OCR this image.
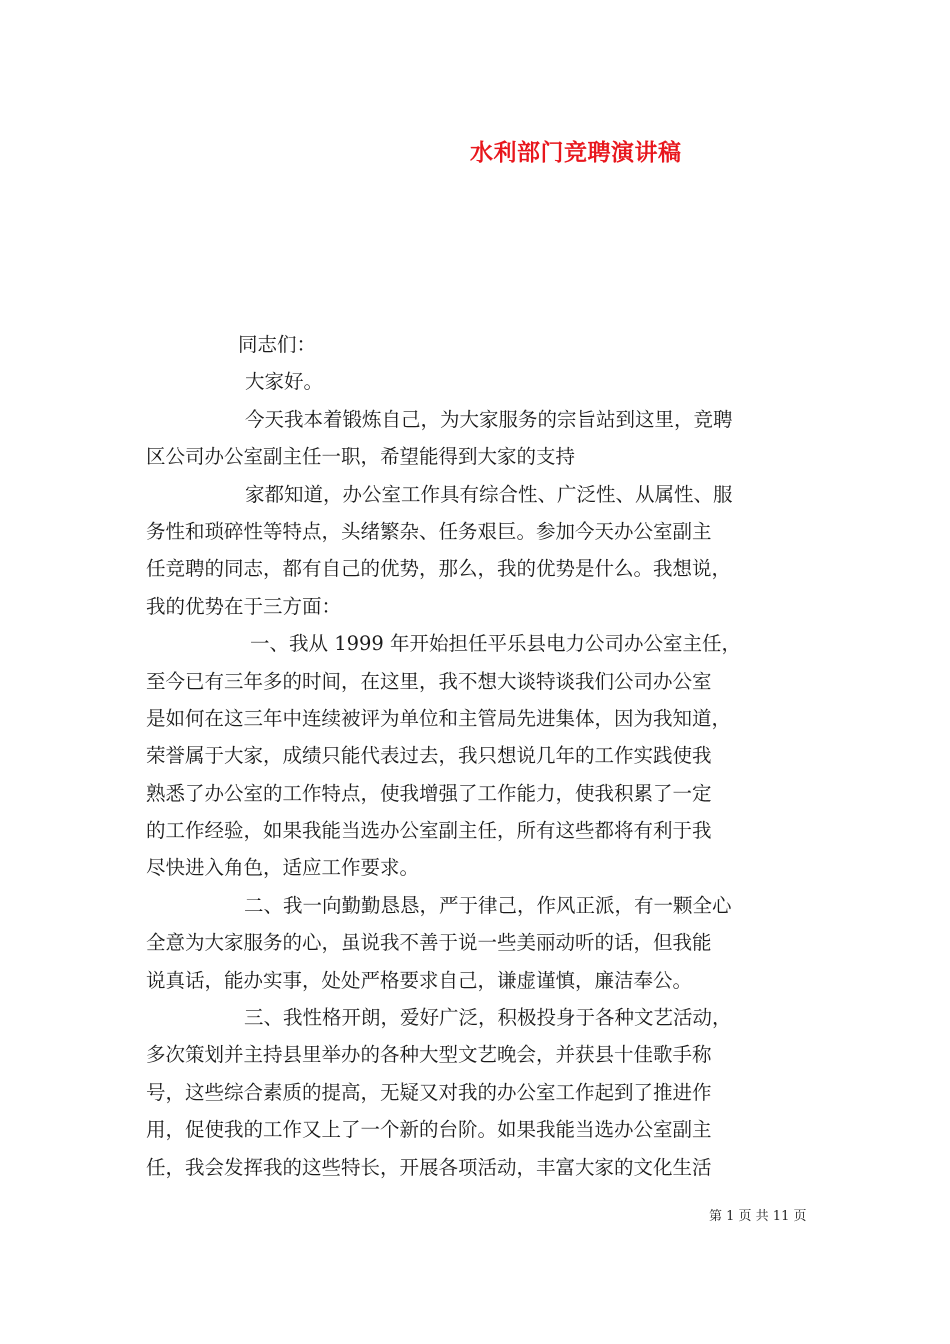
水利部门竞聘演讲稿
同志们：
大家好。
今天我本着锻炼自己，为大家服务的宗旨站到这里，竞聘
区公司办公室副主任一职，希望能得到大家的支持
家都知道，办公室工作具有综合性、广泛性、从属性、服
务性和琐碎性等特点，头绪繁杂、任务艰巨。参加今天办公室副主
任竞聘的同志，都有自己的优势，那么，我的优势是什么。我想说，
我的优势在于三方面：
一、我从 1999 年开始担任平乐县电力公司办公室主任，
至今已有三年多的时间，在这里，我不想大谈特谈我们公司办公室
是如何在这三年中连续被评为单位和主管局先进集体，因为我知道，
荣誉属于大家，成绩只能代表过去，我只想说几年的工作实践使我
熟悉了办公室的工作特点，使我增强了工作能力，使我积累了一定
的工作经验，如果我能当选办公室副主任，所有这些都将有利于我
尽快进入角色，适应工作要求。
二、我一向勤勤恳恳，严于律己，作风正派，有一颗全心
全意为大家服务的心，虽说我不善于说一些美丽动听的话，但我能
说真话，能办实事，处处严格要求自己，谦虚谨慎，廉洁奉公。
三、我性格开朗，爱好广泛，积极投身于各种文艺活动，
多次策划并主持县里举办的各种大型文艺晚会，并获县十佳歌手称
号，这些综合素质的提高，无疑又对我的办公室工作起到了推进作
用，促使我的工作又上了一个新的台阶。如果我能当选办公室副主
任，我会发挥我的这些特长，开展各项活动，丰富大家的文化生活
第 1 页 共 11 页
